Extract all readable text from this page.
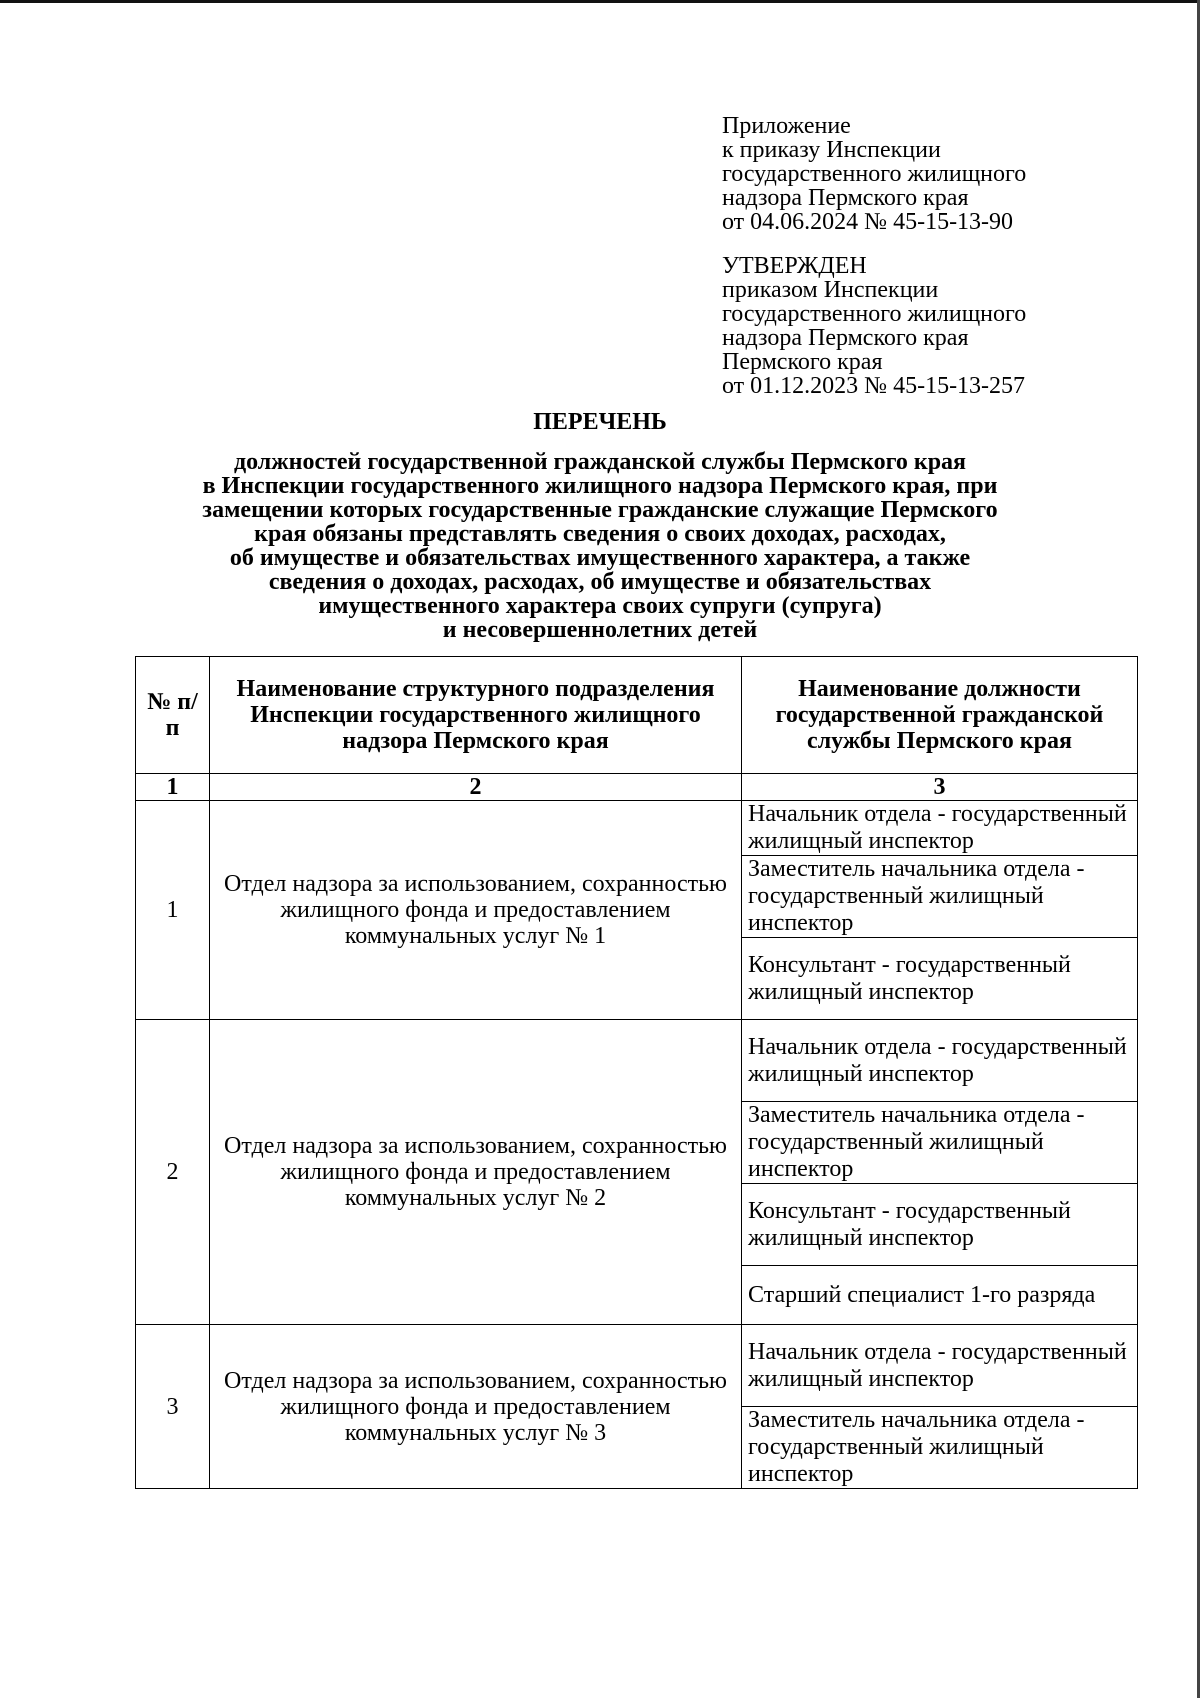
Приложение
к приказу Инспекции
государственного жилищного
надзора Пермского края
от 04.06.2024 № 45-15-13-90
УТВЕРЖДЕН
приказом Инспекции
государственного жилищного
надзора Пермского края
Пермского края
от 01.12.2023 № 45-15-13-257
ПЕРЕЧЕНЬ
должностей государственной гражданской службы Пермского края
в Инспекции государственного жилищного надзора Пермского края, при
замещении которых государственные гражданские служащие Пермского
края обязаны представлять сведения о своих доходах, расходах,
об имуществе и обязательствах имущественного характера, а также
сведения о доходах, расходах, об имуществе и обязательствах
имущественного характера своих супруги (супруга)
и несовершеннолетних детей
№ п/п	Наименование структурного подразделения Инспекции государственного жилищного надзора Пермского края	Наименование должности государственной гражданской службы Пермского края
1	2	3
1	Отдел надзора за использованием, сохранностью жилищного фонда и предоставлением коммунальных услуг № 1	Начальник отдела - государственный жилищный инспектор
		Заместитель начальника отдела - государственный жилищный инспектор
		Консультант - государственный жилищный инспектор
2	Отдел надзора за использованием, сохранностью жилищного фонда и предоставлением коммунальных услуг № 2	Начальник отдела - государственный жилищный инспектор
		Заместитель начальника отдела - государственный жилищный инспектор
		Консультант - государственный жилищный инспектор
		Старший специалист 1-го разряда
3	Отдел надзора за использованием, сохранностью жилищного фонда и предоставлением коммунальных услуг № 3	Начальник отдела - государственный жилищный инспектор
		Заместитель начальника отдела - государственный жилищный инспектор
